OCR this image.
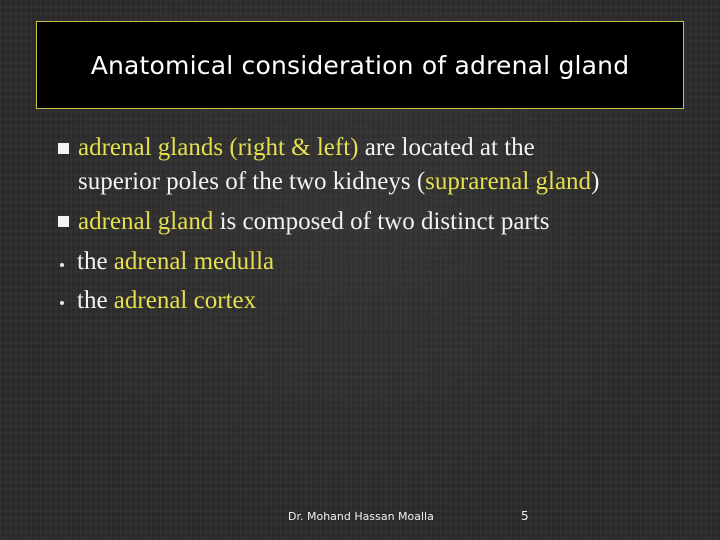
Anatomical consideration of adrenal gland
adrenal glands (right & left) are located at the
superior poles of the two kidneys (suprarenal gland)
adrenal gland is composed of two distinct parts
the adrenal medulla
the adrenal cortex
Dr. Mohand Hassan Moalla	5
